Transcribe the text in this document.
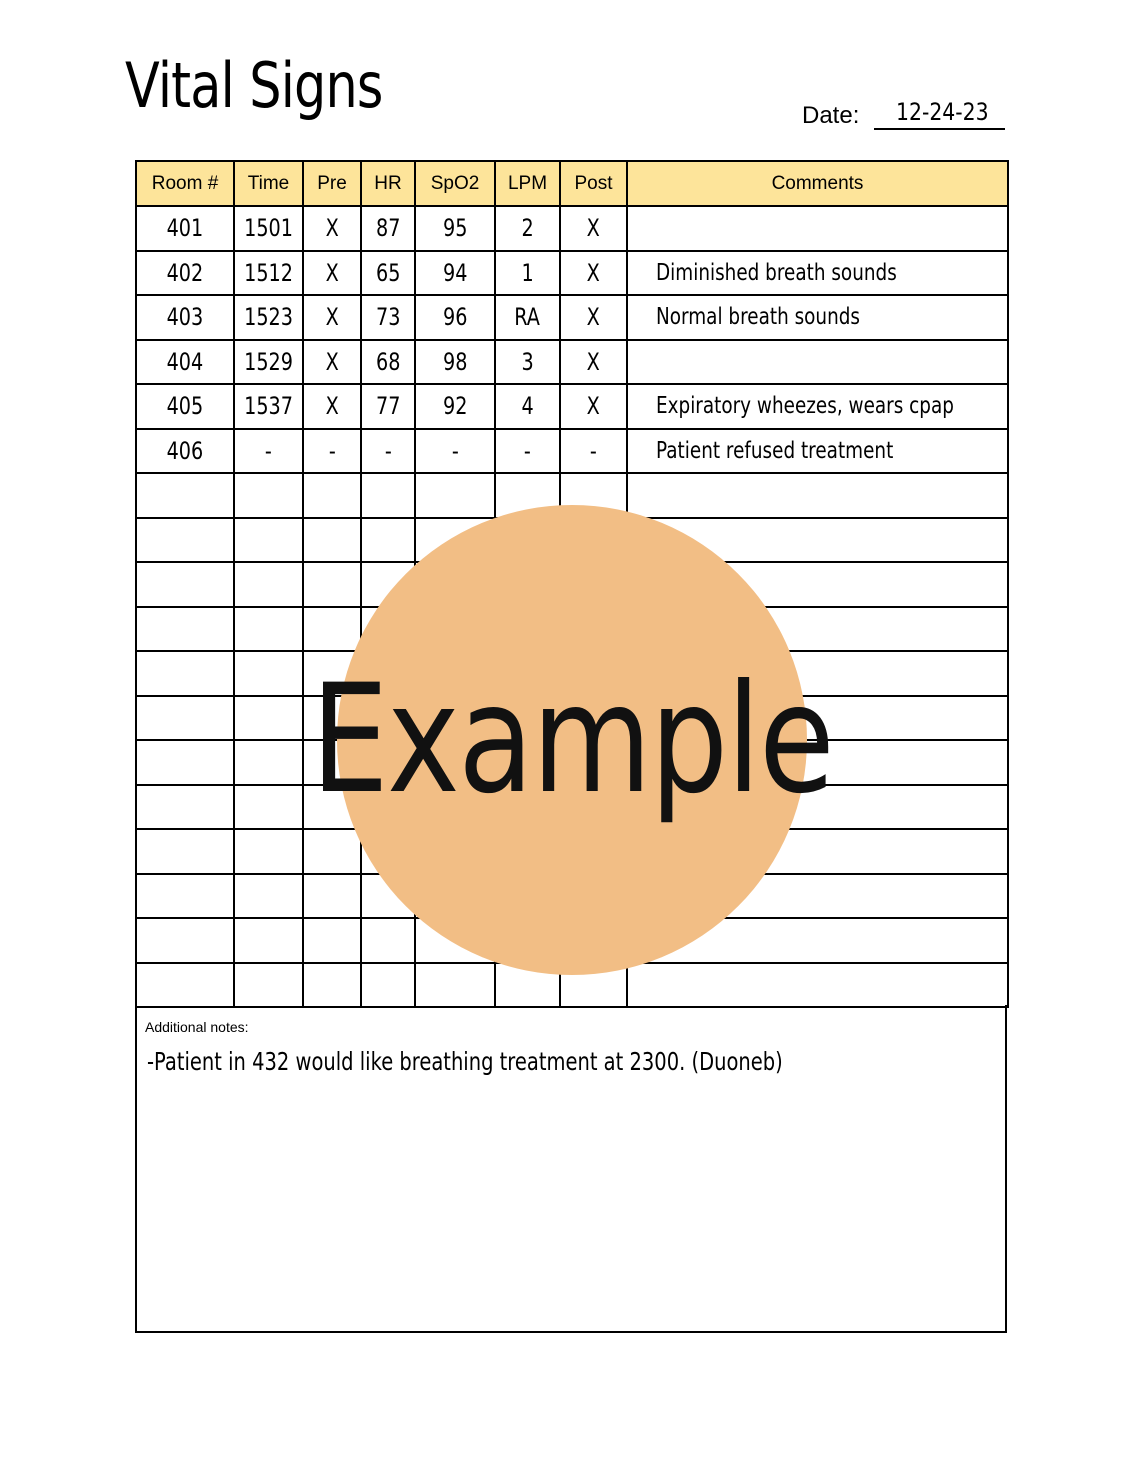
Vital Signs	Date: 12-24-23
Room #	Time	Pre	HR	SpO2	LPM	Post	Comments
401	1501	X	87	95	2	X	
402	1512	X	65	94	1	X	Diminished breath sounds
403	1523	X	73	96	RA	X	Normal breath sounds
404	1529	X	68	98	3	X	
405	1537	X	77	92	4	X	Expiratory wheezes, wears cpap
406	-	-	-	-	-	-	Patient refused treatment

Additional notes:
-Patient in 432 would like breathing treatment at 2300. (Duoneb)
Example
